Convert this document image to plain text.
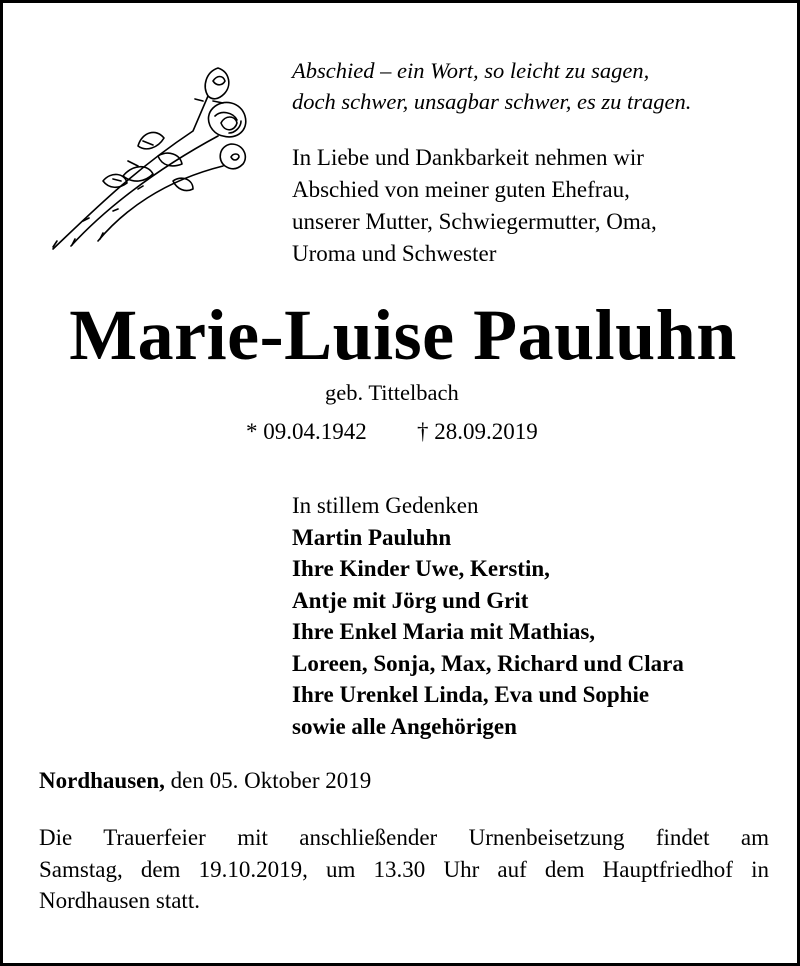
Abschied – ein Wort, so leicht zu sagen,
doch schwer, unsagbar schwer, es zu tragen.
In Liebe und Dankbarkeit nehmen wir
Abschied von meiner guten Ehefrau,
unserer Mutter, Schwiegermutter, Oma,
Uroma und Schwester
Marie-Luise Pauluhn
geb. Tittelbach
* 09.04.1942 † 28.09.2019
In stillem Gedenken
Martin Pauluhn
Ihre Kinder Uwe, Kerstin,
Antje mit Jörg und Grit
Ihre Enkel Maria mit Mathias,
Loreen, Sonja, Max, Richard und Clara
Ihre Urenkel Linda, Eva und Sophie
sowie alle Angehörigen
Nordhausen, den 05. Oktober 2019
Die Trauerfeier mit anschließender Urnenbeisetzung findet am
Samstag, dem 19.10.2019, um 13.30 Uhr auf dem Hauptfriedhof in
Nordhausen statt.
